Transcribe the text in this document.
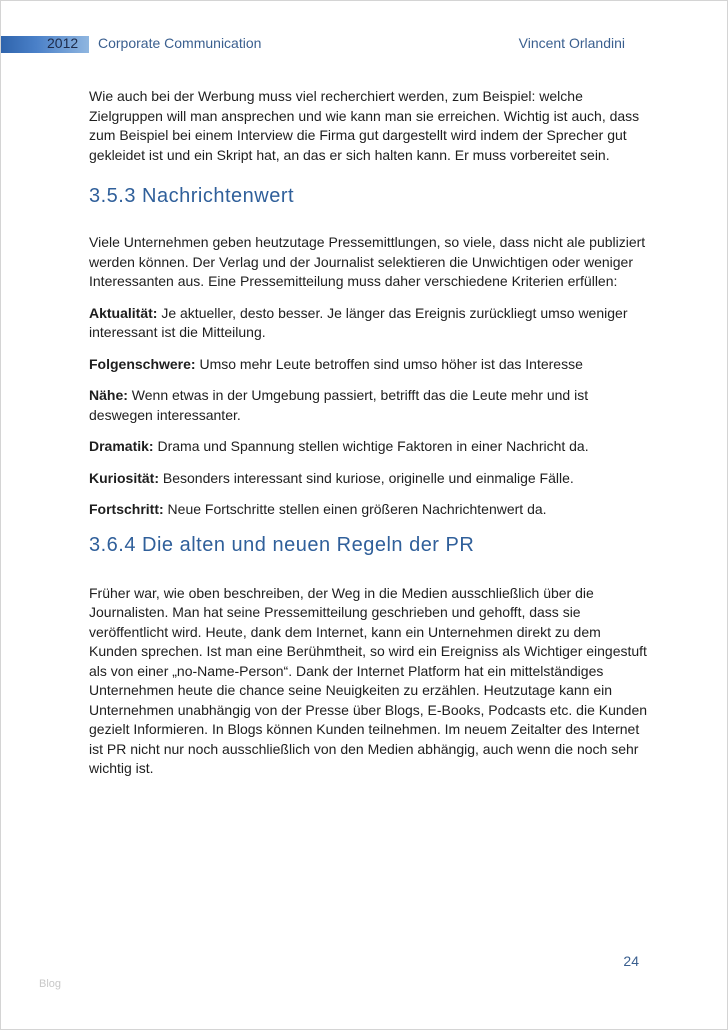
2012 Corporate Communication	Vincent Orlandini

Wie auch bei der Werbung muss viel recherchiert werden, zum Beispiel: welche Zielgruppen will man ansprechen und wie kann man sie erreichen. Wichtig ist auch, dass zum Beispiel bei einem Interview die Firma gut dargestellt wird indem der Sprecher gut gekleidet ist und ein Skript hat, an das er sich halten kann. Er muss vorbereitet sein.

3.5.3 Nachrichtenwert

Viele Unternehmen geben heutzutage Pressemittlungen, so viele, dass nicht ale publiziert werden können. Der Verlag und der Journalist selektieren die Unwichtigen oder weniger Interessanten aus. Eine Pressemitteilung muss daher verschiedene Kriterien erfüllen:

Aktualität: Je aktueller, desto besser. Je länger das Ereignis zurückliegt umso weniger interessant ist die Mitteilung.

Folgenschwere: Umso mehr Leute betroffen sind umso höher ist das Interesse

Nähe: Wenn etwas in der Umgebung passiert, betrifft das die Leute mehr und ist deswegen interessanter.

Dramatik: Drama und Spannung stellen wichtige Faktoren in einer Nachricht da.

Kuriosität: Besonders interessant sind kuriose, originelle und einmalige Fälle.

Fortschritt: Neue Fortschritte stellen einen größeren Nachrichtenwert da.

3.6.4 Die alten und neuen Regeln der PR

Früher war, wie oben beschreiben, der Weg in die Medien ausschließlich über die Journalisten. Man hat seine Pressemitteilung geschrieben und gehofft, dass sie veröffentlicht wird. Heute, dank dem Internet, kann ein Unternehmen direkt zu dem Kunden sprechen. Ist man eine Berühmtheit, so wird ein Ereigniss als Wichtiger eingestuft als von einer „no-Name-Person“. Dank der Internet Platform hat ein mittelständiges Unternehmen heute die chance seine Neuigkeiten zu erzählen. Heutzutage kann ein Unternehmen unabhängig von der Presse über Blogs, E-Books, Podcasts etc. die Kunden gezielt Informieren. In Blogs können Kunden teilnehmen. Im neuem Zeitalter des Internet ist PR nicht nur noch ausschließlich von den Medien abhängig, auch wenn die noch sehr wichtig ist.

24
Blog
